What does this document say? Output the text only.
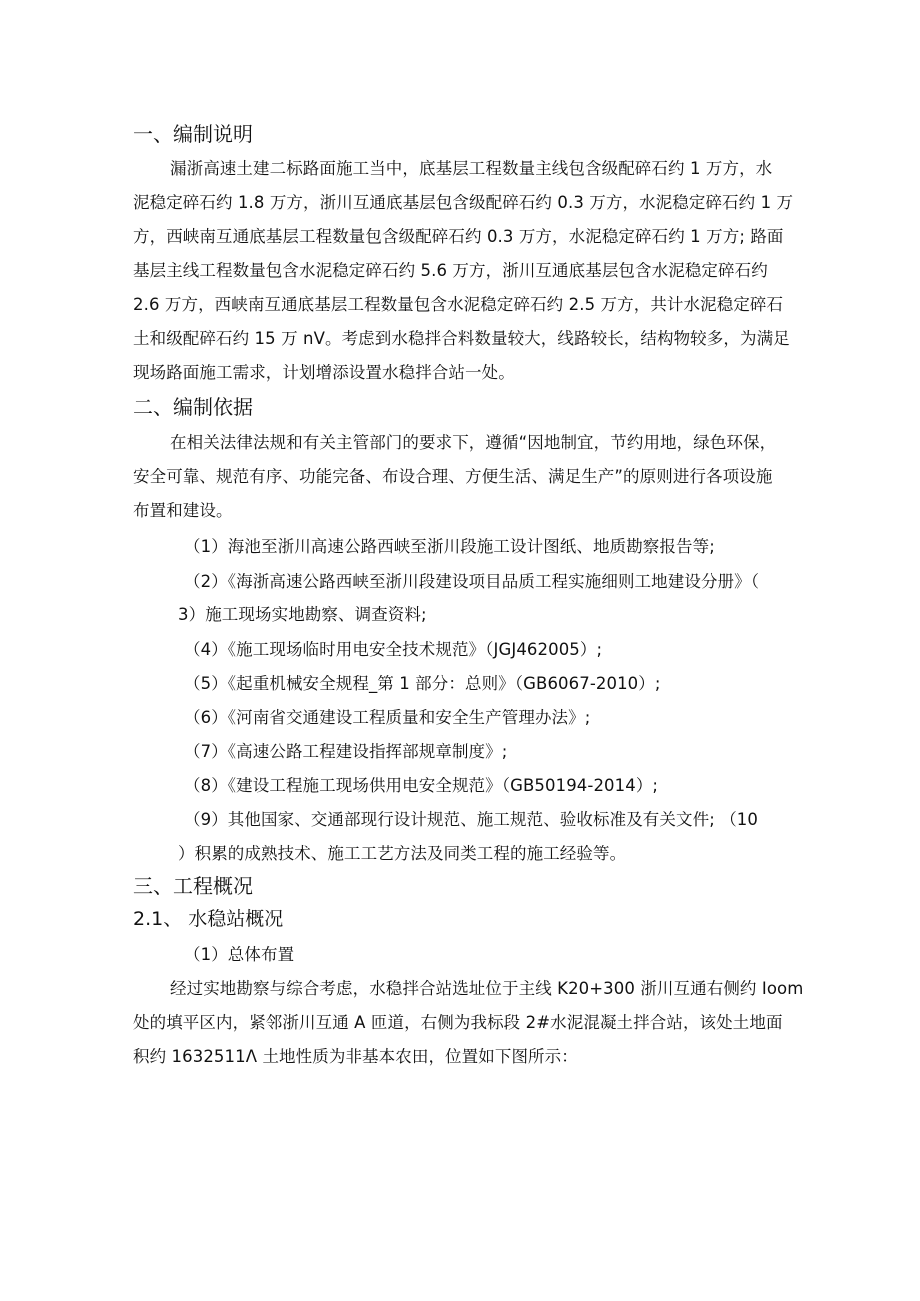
一、编制说明
漏浙高速土建二标路面施工当中，底基层工程数量主线包含级配碎石约 1 万方，水
泥稳定碎石约 1.8 万方，浙川互通底基层包含级配碎石约 0.3 万方，水泥稳定碎石约 1 万
方，西峡南互通底基层工程数量包含级配碎石约 0.3 万方，水泥稳定碎石约 1 万方; 路面
基层主线工程数量包含水泥稳定碎石约 5.6 万方，浙川互通底基层包含水泥稳定碎石约
2.6 万方，西峡南互通底基层工程数量包含水泥稳定碎石约 2.5 万方，共计水泥稳定碎石
土和级配碎石约 15 万 nV。考虑到水稳拌合料数量较大，线路较长，结构物较多，为满足
现场路面施工需求，计划增添设置水稳拌合站一处。
二、编制依据
在相关法律法规和有关主管部门的要求下，遵循“因地制宜，节约用地，绿色环保，
安全可靠、规范有序、功能完备、布设合理、方便生活、满足生产”的原则进行各项设施
布置和建设。
（1）海池至浙川高速公路西峡至浙川段施工设计图纸、地质勘察报告等;
（2）《海浙高速公路西峡至浙川段建设项目品质工程实施细则工地建设分册》（
3）施工现场实地勘察、调查资料;
（4）《施工现场临时用电安全技术规范》（JGJ462005）;
（5）《起重机械安全规程_第 1 部分：总则》（GB6067-2010）;
（6）《河南省交通建设工程质量和安全生产管理办法》;
（7）《高速公路工程建设指挥部规章制度》;
（8）《建设工程施工现场供用电安全规范》（GB50194-2014）;
（9）其他国家、交通部现行设计规范、施工规范、验收标准及有关文件; （10
）积累的成熟技术、施工工艺方法及同类工程的施工经验等。
三、工程概况
2.1、 水稳站概况
（1）总体布置
经过实地勘察与综合考虑，水稳拌合站选址位于主线 K20+300 浙川互通右侧约 Ioom
处的填平区内，紧邻浙川互通 A 匝道，右侧为我标段 2#水泥混凝土拌合站，该处土地面
积约 1632511Λ 土地性质为非基本农田，位置如下图所示：
